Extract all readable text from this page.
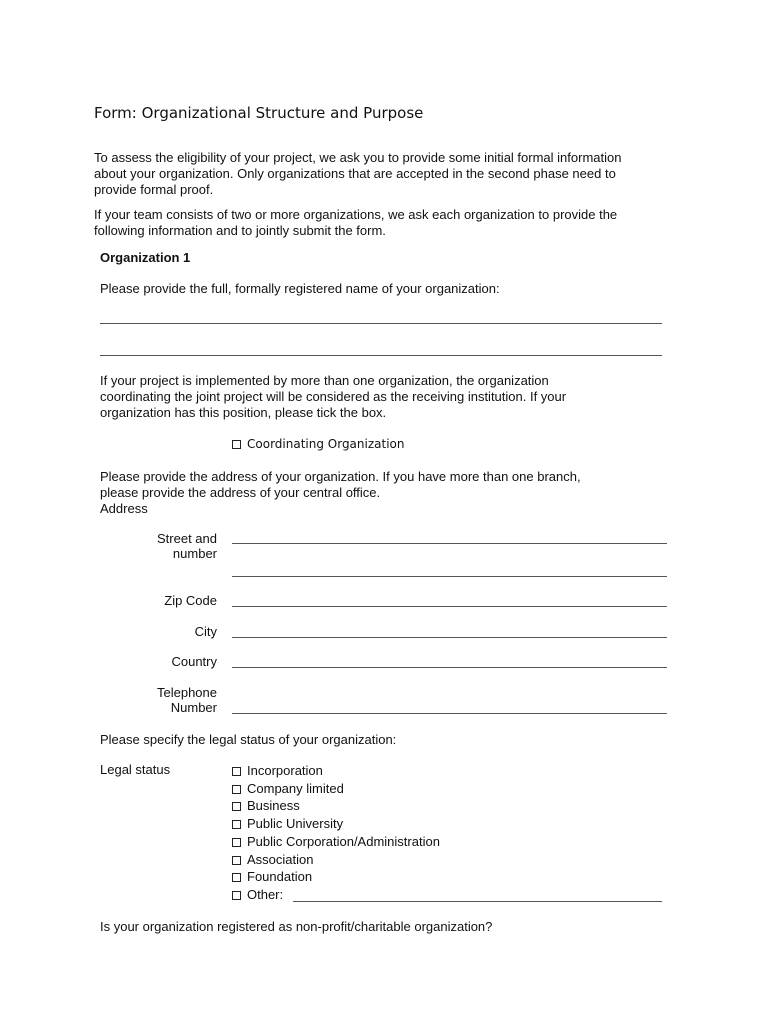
Form: Organizational Structure and Purpose
To assess the eligibility of your project, we ask you to provide some initial formal information
about your organization. Only organizations that are accepted in the second phase need to
provide formal proof.
If your team consists of two or more organizations, we ask each organization to provide the
following information and to jointly submit the form.
Organization 1
Please provide the full, formally registered name of your organization:
If your project is implemented by more than one organization, the organization
coordinating the joint project will be considered as the receiving institution. If your
organization has this position, please tick the box.
Coordinating Organization
Please provide the address of your organization. If you have more than one branch,
please provide the address of your central office.
Address
Street and
number
Zip Code
City
Country
Telephone
Number
Please specify the legal status of your organization:
Legal status	Incorporation
Company limited
Business
Public University
Public Corporation/Administration
Association
Foundation
Other:
Is your organization registered as non-profit/charitable organization?
